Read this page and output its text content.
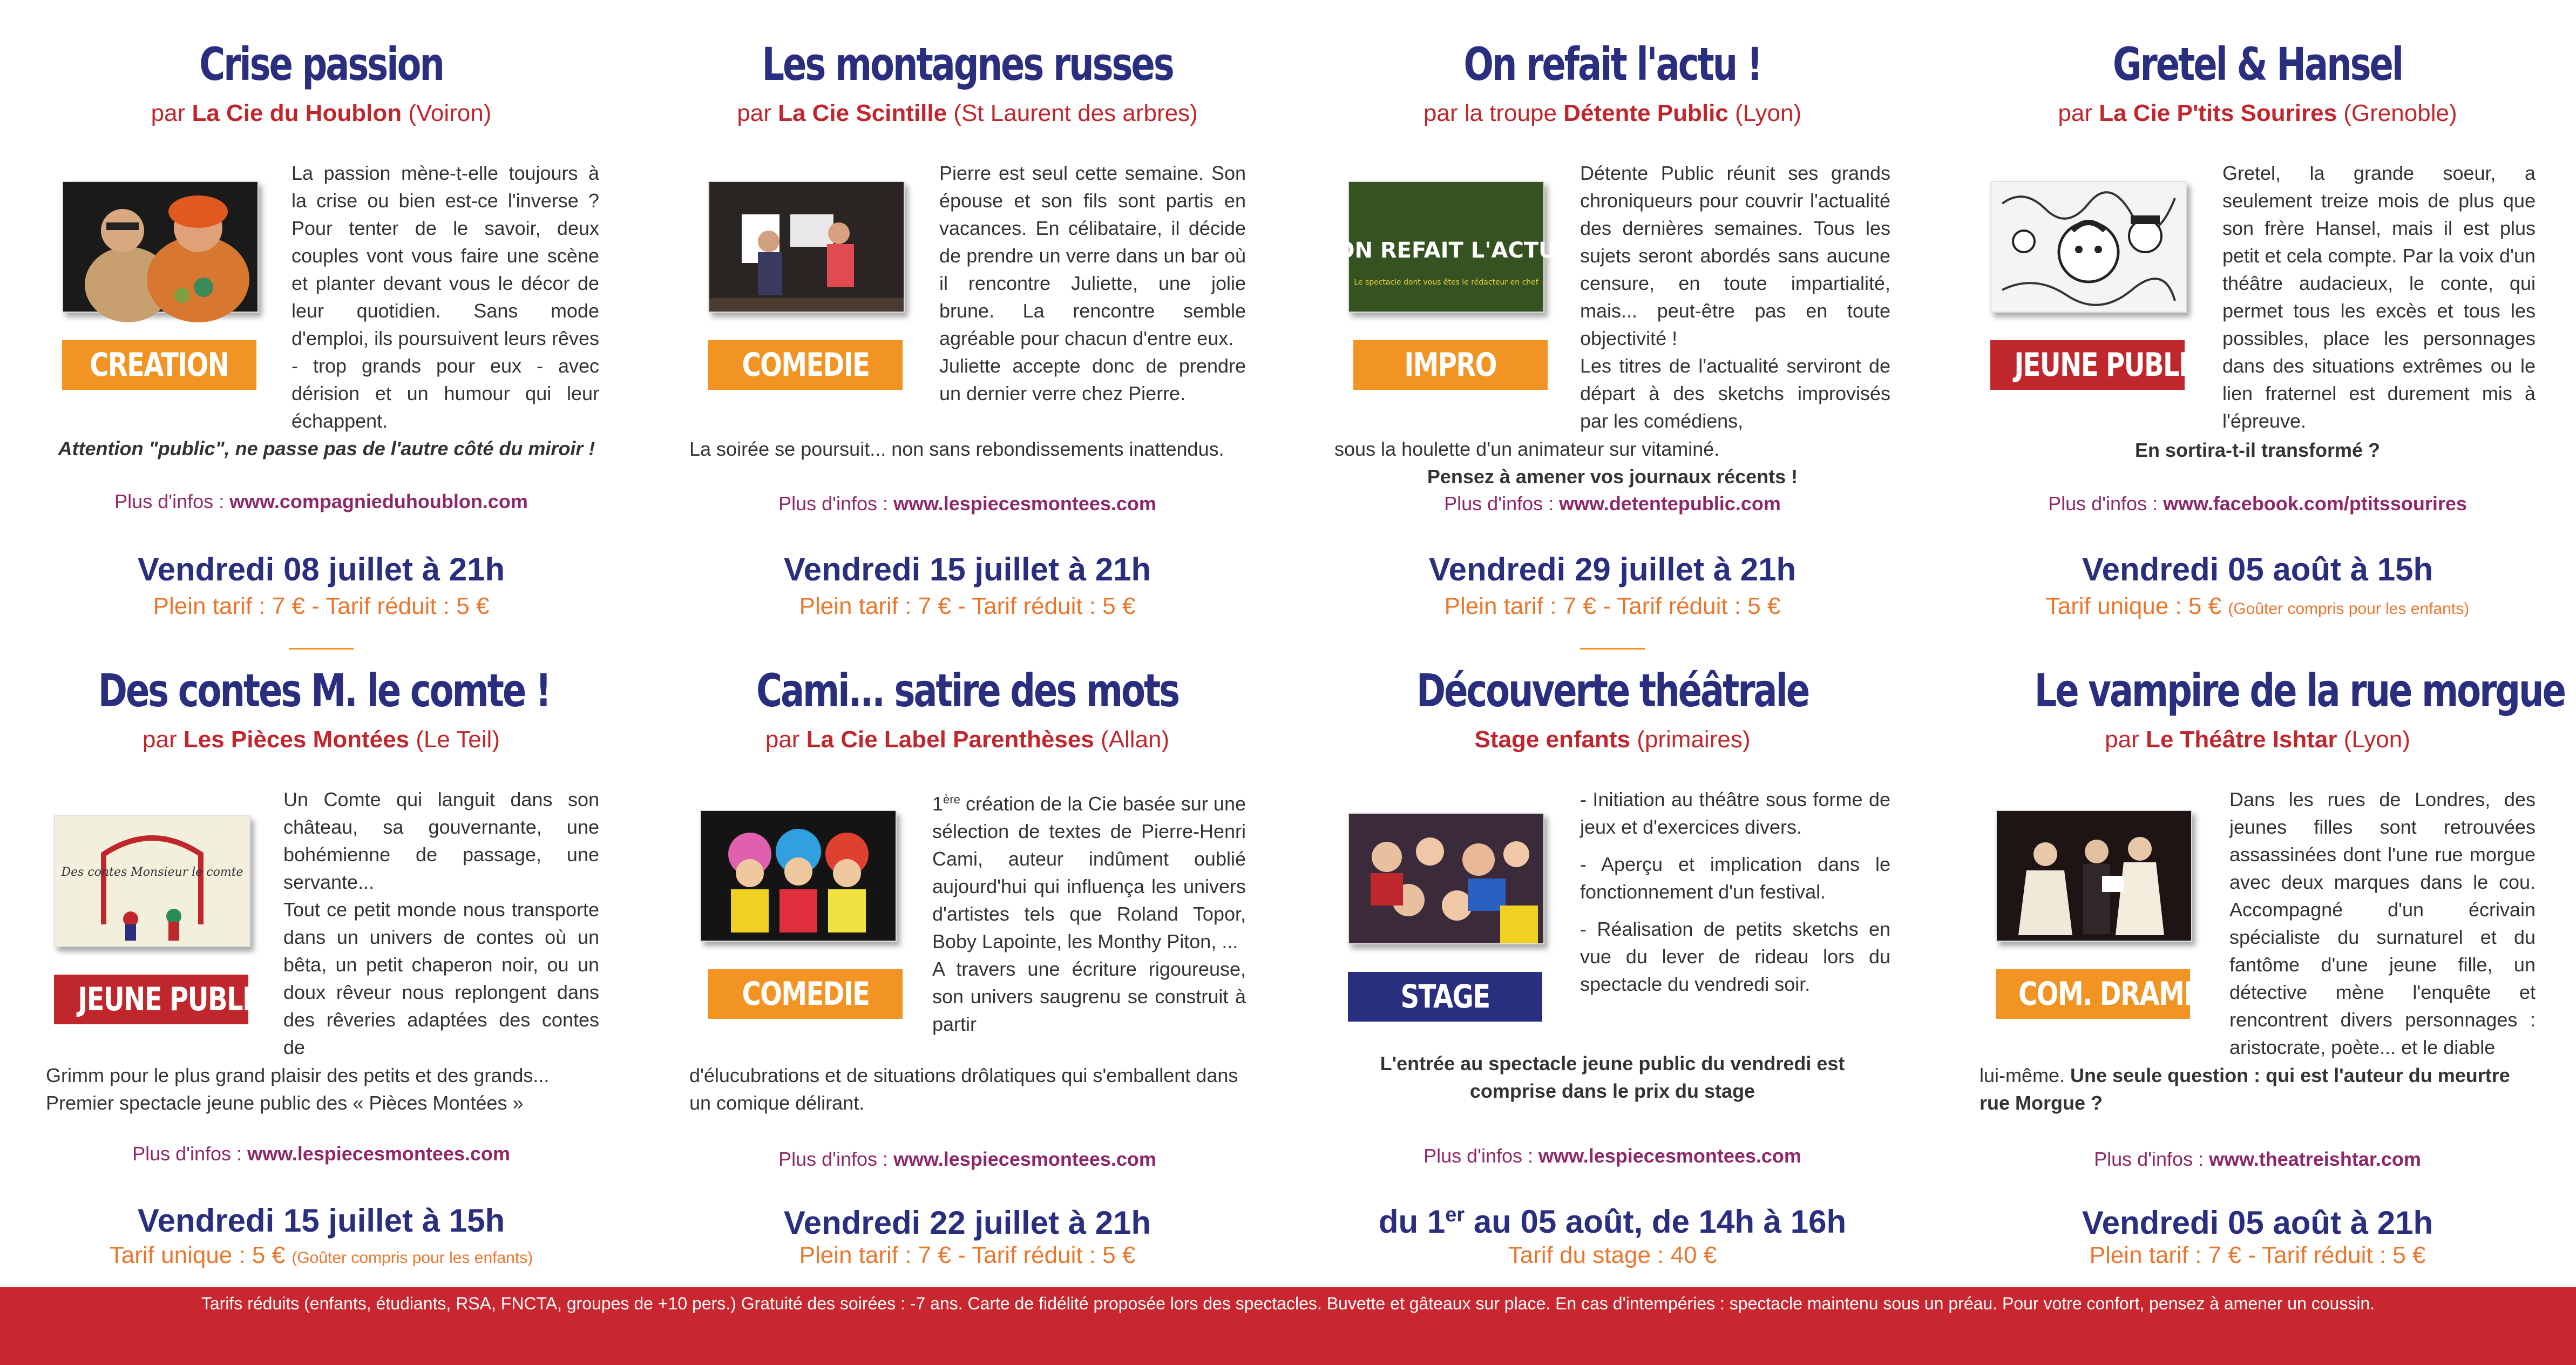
Crise passion
par La Cie du Houblon (Voiron)
CREATION
La passion mène-t-elle toujours à la crise ou bien est-ce l'inverse ? Pour tenter de le savoir, deux couples vont vous faire une scène et planter devant vous le décor de leur quotidien. Sans mode d'emploi, ils poursuivent leurs rêves - trop grands pour eux - avec dérision et un humour qui leur échappent.
Attention "public", ne passe pas de l'autre côté du miroir !
Plus d'infos : www.compagnieduhoublon.com
Vendredi 08 juillet à 21h
Plein tarif : 7 € - Tarif réduit : 5 €
Les montagnes russes
par La Cie Scintille (St Laurent des arbres)
COMEDIE

Pierre est seul cette semaine. Son épouse et son fils sont partis en vacances. En célibataire, il décide de prendre un verre dans un bar où il rencontre Juliette, une jolie brune. La rencontre semble agréable pour chacun d'entre eux.

Juliette accepte donc de prendre un dernier verre chez Pierre.

La soirée se poursuit... non sans rebondissements inattendus.
Plus d'infos : www.lespiecesmontees.com
Vendredi 15 juillet à 21h
Plein tarif : 7 € - Tarif réduit : 5 €
On refait l'actu !
par la troupe Détente Public (Lyon)
ON REFAIT L'ACTU
Le spectacle dont vous êtes le rédacteur en chef
IMPRO

Détente Public réunit ses grands chroniqueurs pour couvrir l'actualité des dernières semaines. Tous les sujets seront abordés sans aucune censure, en toute impartialité, mais... peut-être pas en toute objectivité !

Les titres de l'actualité serviront de départ à des sketchs improvisés par les comédiens,

sous la houlette d'un animateur sur vitaminé.
Pensez à amener vos journaux récents !
Plus d'infos : www.detentepublic.com
Vendredi 29 juillet à 21h
Plein tarif : 7 € - Tarif réduit : 5 €
Gretel & Hansel
par La Cie P'tits Sourires (Grenoble)
JEUNE PUBLIC
Gretel, la grande soeur, a seulement treize mois de plus que son frère Hansel, mais il est plus petit et cela compte. Par la voix d'un théâtre audacieux, le conte, qui permet tous les excès et tous les possibles, place les personnages dans des situations extrêmes ou le lien fraternel est durement mis à l'épreuve.
En sortira-t-il transformé ?
Plus d'infos : www.facebook.com/ptitssourires
Vendredi 05 août à 15h
Tarif unique : 5 € (Goûter compris pour les enfants)
Des contes M. le comte !
par Les Pièces Montées (Le Teil)
Des contes Monsieur le comte
JEUNE PUBLIC

Un Comte qui languit dans son château, sa gouvernante, une bohémienne de passage, une servante...

Tout ce petit monde nous transporte dans un univers de contes où un bêta, un petit chaperon noir, ou un doux rêveur nous replongent dans des rêveries adaptées des contes de

Grimm pour le plus grand plaisir des petits et des grands... Premier spectacle jeune public des « Pièces Montées »
Plus d'infos : www.lespiecesmontees.com
Vendredi 15 juillet à 15h
Tarif unique : 5 € (Goûter compris pour les enfants)
Cami... satire des mots
par La Cie Label Parenthèses (Allan)
COMEDIE

1ère création de la Cie basée sur une sélection de textes de Pierre-Henri Cami, auteur indûment oublié aujourd'hui qui influença les univers d'artistes tels que Roland Topor, Boby Lapointe, les Monthy Piton, ...

A travers une écriture rigoureuse, son univers saugrenu se construit à partir

d'élucubrations et de situations drôlatiques qui s'emballent dans un comique délirant.
Plus d'infos : www.lespiecesmontees.com
Vendredi 22 juillet à 21h
Plein tarif : 7 € - Tarif réduit : 5 €
Découverte théâtrale
Stage enfants (primaires)
STAGE

- Initiation au théâtre sous forme de jeux et d'exercices divers.

- Aperçu et implication dans le fonctionnement d'un festival.

- Réalisation de petits sketchs en vue du lever de rideau lors du spectacle du vendredi soir.

L'entrée au spectacle jeune public du vendredi est comprise dans le prix du stage
Plus d'infos : www.lespiecesmontees.com
du 1er au 05 août, de 14h à 16h
Tarif du stage : 40 €
Le vampire de la rue morgue
par Le Théâtre Ishtar (Lyon)
COM. DRAME
Dans les rues de Londres, des jeunes filles sont retrouvées assassinées dont l'une rue morgue avec deux marques dans le cou. Accompagné d'un écrivain spécialiste du surnaturel et du fantôme d'une jeune fille, un détective mène l'enquête et rencontrent divers personnages : aristocrate, poète... et le diable
lui-même. Une seule question : qui est l'auteur du meurtre rue Morgue ?
Plus d'infos : www.theatreishtar.com
Vendredi 05 août à 21h
Plein tarif : 7 € - Tarif réduit : 5 €
Tarifs réduits (enfants, étudiants, RSA, FNCTA, groupes de +10 pers.) Gratuité des soirées : -7 ans. Carte de fidélité proposée lors des spectacles. Buvette et gâteaux sur place. En cas d'intempéries : spectacle maintenu sous un préau. Pour votre confort, pensez à amener un coussin.
